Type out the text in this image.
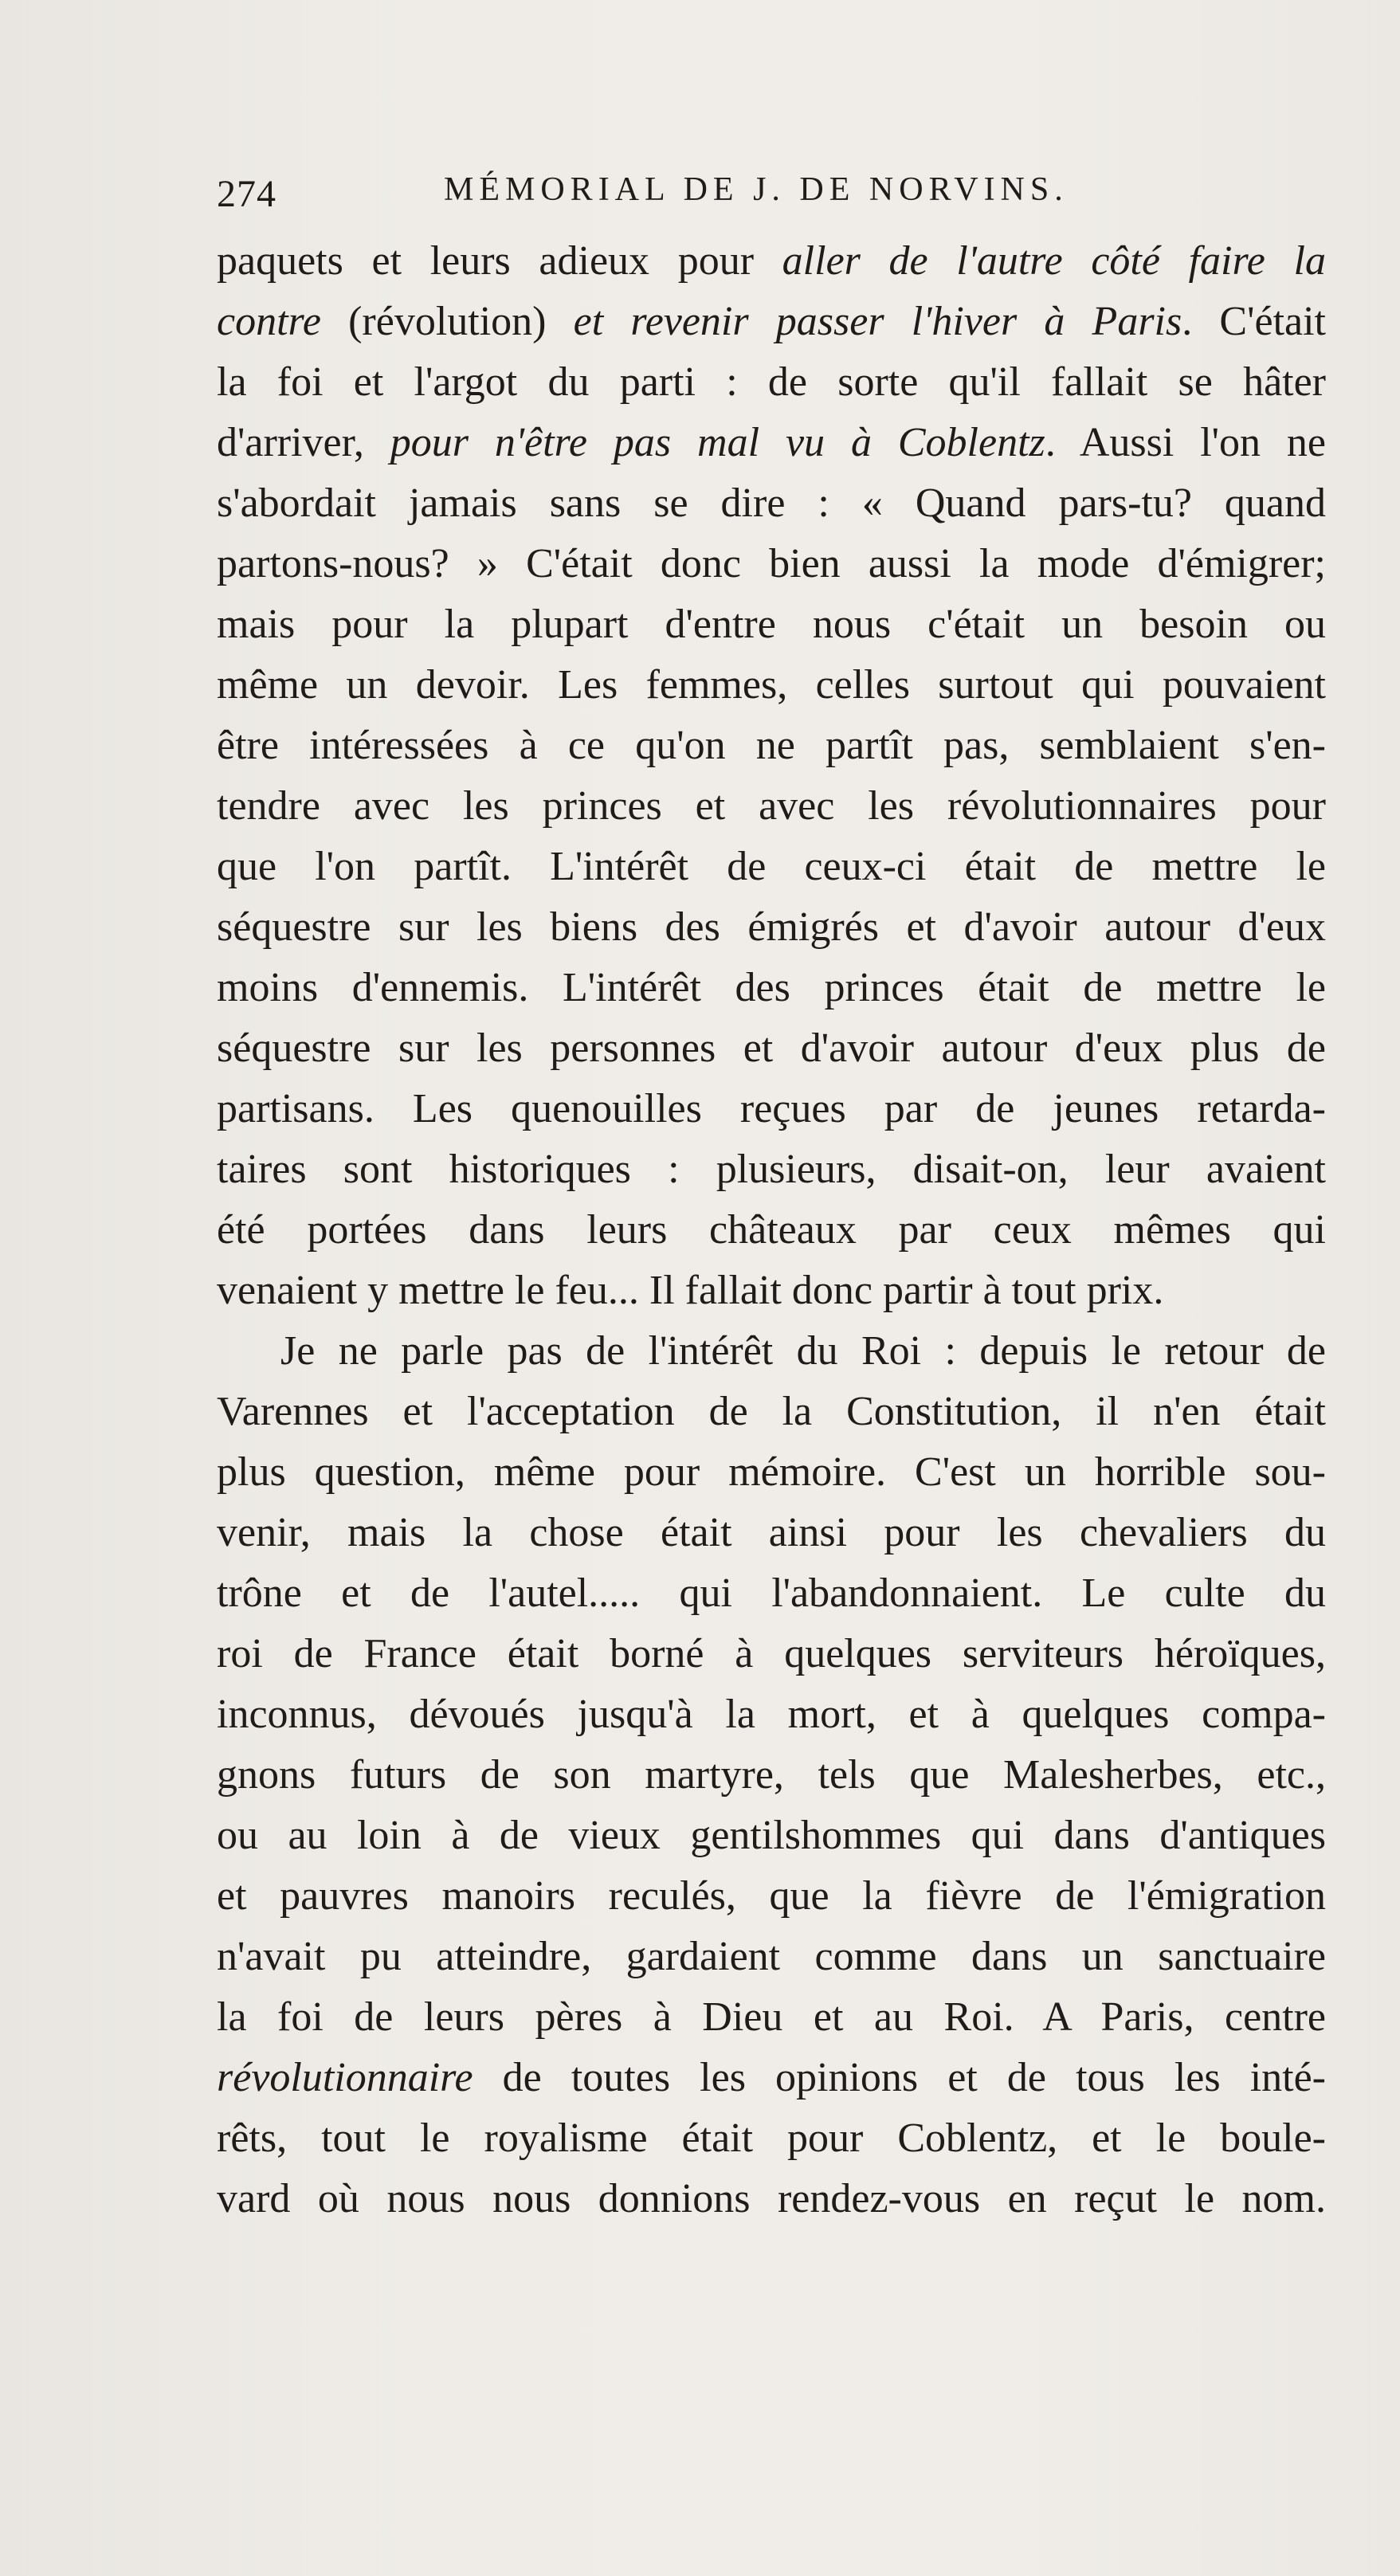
274	MÉMORIAL DE J. DE NORVINS.
paquets et leurs adieux pour aller de l'autre côté faire la
contre (révolution) et revenir passer l'hiver à Paris. C'était
la foi et l'argot du parti : de sorte qu'il fallait se hâter
d'arriver, pour n'être pas mal vu à Coblentz. Aussi l'on ne
s'abordait jamais sans se dire : « Quand pars-tu? quand
partons-nous? » C'était donc bien aussi la mode d'émigrer;
mais pour la plupart d'entre nous c'était un besoin ou
même un devoir. Les femmes, celles surtout qui pouvaient
être intéressées à ce qu'on ne partît pas, semblaient s'en-
tendre avec les princes et avec les révolutionnaires pour
que l'on partît. L'intérêt de ceux-ci était de mettre le
séquestre sur les biens des émigrés et d'avoir autour d'eux
moins d'ennemis. L'intérêt des princes était de mettre le
séquestre sur les personnes et d'avoir autour d'eux plus de
partisans. Les quenouilles reçues par de jeunes retarda-
taires sont historiques : plusieurs, disait-on, leur avaient
été portées dans leurs châteaux par ceux mêmes qui
venaient y mettre le feu... Il fallait donc partir à tout prix.
Je ne parle pas de l'intérêt du Roi : depuis le retour de
Varennes et l'acceptation de la Constitution, il n'en était
plus question, même pour mémoire. C'est un horrible sou-
venir, mais la chose était ainsi pour les chevaliers du
trône et de l'autel..... qui l'abandonnaient. Le culte du
roi de France était borné à quelques serviteurs héroïques,
inconnus, dévoués jusqu'à la mort, et à quelques compa-
gnons futurs de son martyre, tels que Malesherbes, etc.,
ou au loin à de vieux gentilshommes qui dans d'antiques
et pauvres manoirs reculés, que la fièvre de l'émigration
n'avait pu atteindre, gardaient comme dans un sanctuaire
la foi de leurs pères à Dieu et au Roi. A Paris, centre
révolutionnaire de toutes les opinions et de tous les inté-
rêts, tout le royalisme était pour Coblentz, et le boule-
vard où nous nous donnions rendez-vous en reçut le nom.
